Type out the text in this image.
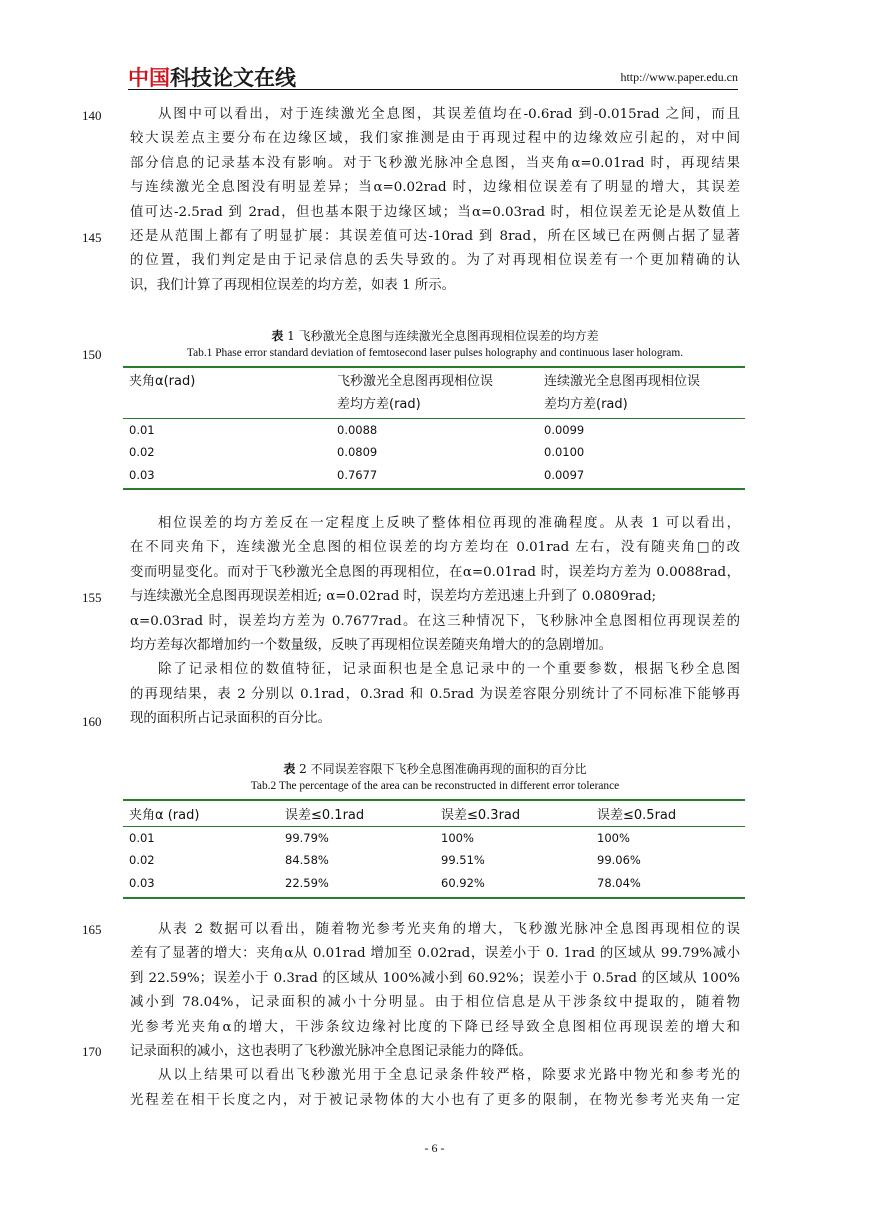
中国科技论文在线	http://www.paper.edu.cn
140
145
150
155
160
165
170
从图中可以看出，对于连续激光全息图，其误差值均在-0.6rad 到-0.015rad 之间，而且
较大误差点主要分布在边缘区域，我们家推测是由于再现过程中的边缘效应引起的，对中间
部分信息的记录基本没有影响。对于飞秒激光脉冲全息图，当夹角α=0.01rad 时，再现结果
与连续激光全息图没有明显差异；当α=0.02rad 时，边缘相位误差有了明显的增大，其误差
值可达-2.5rad 到 2rad，但也基本限于边缘区域；当α=0.03rad 时，相位误差无论是从数值上
还是从范围上都有了明显扩展：其误差值可达-10rad 到 8rad，所在区域已在两侧占据了显著
的位置，我们判定是由于记录信息的丢失导致的。为了对再现相位误差有一个更加精确的认
识，我们计算了再现相位误差的均方差，如表 1 所示。
表 1 飞秒激光全息图与连续激光全息图再现相位误差的均方差
Tab.1 Phase error standard deviation of femtosecond laser pulses holography and continuous laser hologram.
夹角α(rad)	飞秒激光全息图再现相位误	连续激光全息图再现相位误
	差均方差(rad)	差均方差(rad)
0.01	0.0088	0.0099
0.02	0.0809	0.0100
0.03	0.7677	0.0097
相位误差的均方差反在一定程度上反映了整体相位再现的准确程度。从表 1 可以看出，
在不同夹角下，连续激光全息图的相位误差的均方差均在 0.01rad 左右，没有随夹角□的改
变而明显变化。而对于飞秒激光全息图的再现相位，在α=0.01rad 时，误差均方差为 0.0088rad，
与连续激光全息图再现误差相近; α=0.02rad 时，误差均方差迅速上升到了 0.0809rad;
α=0.03rad 时，误差均方差为 0.7677rad。在这三种情况下，飞秒脉冲全息图相位再现误差的
均方差每次都增加约一个数量级，反映了再现相位误差随夹角增大的的急剧增加。
除了记录相位的数值特征，记录面积也是全息记录中的一个重要参数，根据飞秒全息图
的再现结果，表 2 分别以 0.1rad，0.3rad 和 0.5rad 为误差容限分别统计了不同标准下能够再
现的面积所占记录面积的百分比。
表 2 不同误差容限下飞秒全息图准确再现的面积的百分比
Tab.2 The percentage of the area can be reconstructed in different error tolerance
夹角α (rad)	误差≤0.1rad	误差≤0.3rad	误差≤0.5rad
0.01	99.79%	100%	100%
0.02	84.58%	99.51%	99.06%
0.03	22.59%	60.92%	78.04%
从表 2 数据可以看出，随着物光参考光夹角的增大，飞秒激光脉冲全息图再现相位的误
差有了显著的增大：夹角α从 0.01rad 增加至 0.02rad，误差小于 0. 1rad 的区域从 99.79%减小
到 22.59%；误差小于 0.3rad 的区域从 100%减小到 60.92%；误差小于 0.5rad 的区域从 100%
减小到 78.04%，记录面积的减小十分明显。由于相位信息是从干涉条纹中提取的，随着物
光参考光夹角α的增大，干涉条纹边缘衬比度的下降已经导致全息图相位再现误差的增大和
记录面积的减小，这也表明了飞秒激光脉冲全息图记录能力的降低。
从以上结果可以看出飞秒激光用于全息记录条件较严格，除要求光路中物光和参考光的
光程差在相干长度之内，对于被记录物体的大小也有了更多的限制，在物光参考光夹角一定
- 6 -
